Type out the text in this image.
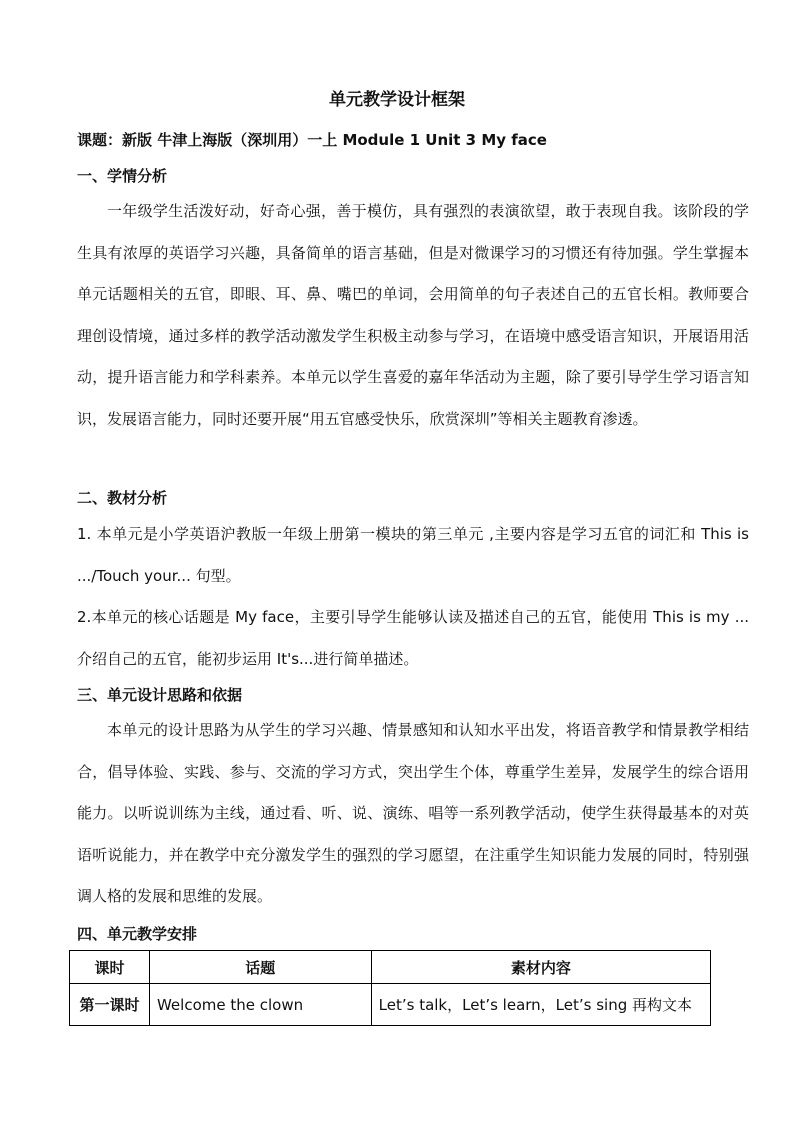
单元教学设计框架
课题：新版 牛津上海版（深圳用）一上 Module 1 Unit 3 My face
一、学情分析

一年级学生活泼好动，好奇心强，善于模仿，具有强烈的表演欲望，敢于表现自我。该阶段的学生具有浓厚的英语学习兴趣，具备简单的语言基础，但是对微课学习的习惯还有待加强。学生掌握本单元话题相关的五官，即眼、耳、鼻、嘴巴的单词，会用简单的句子表述自己的五官长相。教师要合理创设情境，通过多样的教学活动激发学生积极主动参与学习，在语境中感受语言知识，开展语用活动，提升语言能力和学科素养。本单元以学生喜爱的嘉年华活动为主题，除了要引导学生学习语言知识，发展语言能力，同时还要开展“用五官感受快乐，欣赏深圳”等相关主题教育渗透。

二、教材分析

1. 本单元是小学英语沪教版一年级上册第一模块的第三单元 ,主要内容是学习五官的词汇和 This is .../Touch your... 句型。

2.本单元的核心话题是 My face，主要引导学生能够认读及描述自己的五官，能使用 This is my ... 介绍自己的五官，能初步运用 It's...进行简单描述。

三、单元设计思路和依据

本单元的设计思路为从学生的学习兴趣、情景感知和认知水平出发，将语音教学和情景教学相结合，倡导体验、实践、参与、交流的学习方式，突出学生个体，尊重学生差异，发展学生的综合语用能力。以听说训练为主线，通过看、听、说、演练、唱等一系列教学活动，使学生获得最基本的对英语听说能力，并在教学中充分激发学生的强烈的学习愿望，在注重学生知识能力发展的同时，特别强调人格的发展和思维的发展。

四、单元教学安排
课时	话题	素材内容
第一课时	Welcome the clown	Let’s talk，Let’s learn，Let’s sing 再构文本
